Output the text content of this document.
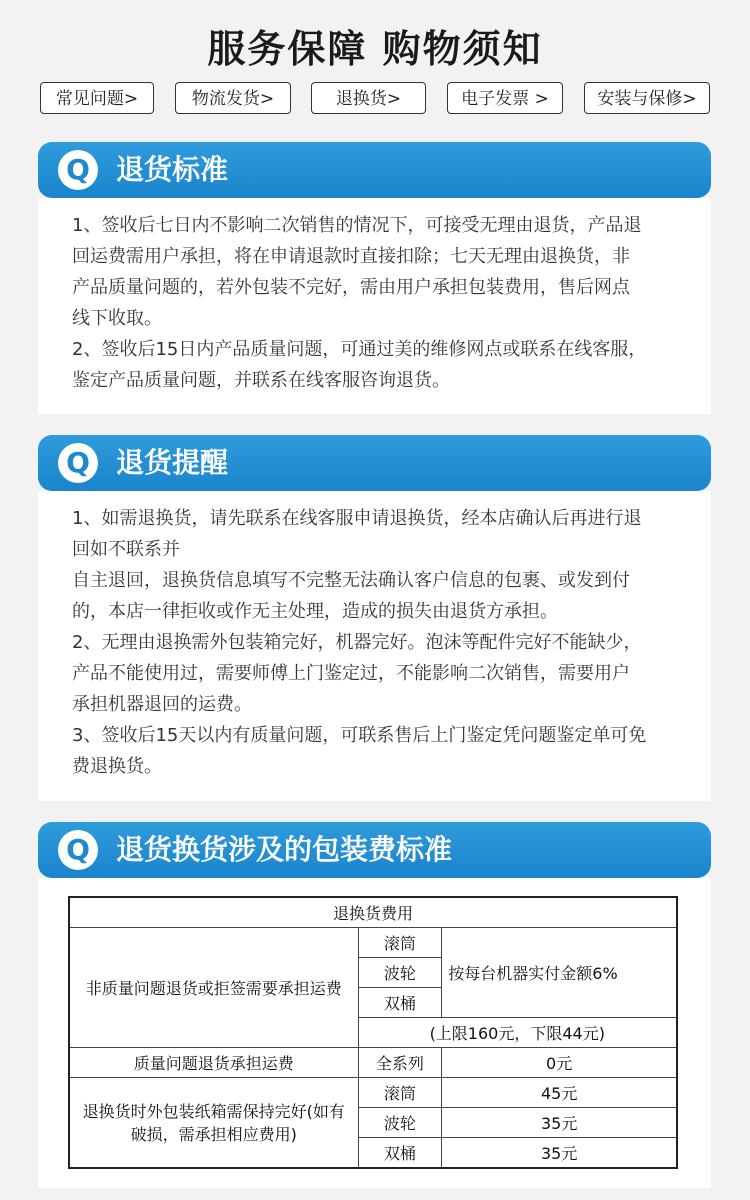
服务保障 购物须知
常见问题>	物流发货>	退换货>	电子发票 >	安装与保修>

1、签收后七日内不影响二次销售的情况下，可接受无理由退货，产品退

回运费需用户承担，将在申请退款时直接扣除；七天无理由退换货，非

产品质量问题的，若外包装不完好，需由用户承担包装费用，售后网点

线下收取。

2、签收后15日内产品质量问题，可通过美的维修网点或联系在线客服，

鉴定产品质量问题，并联系在线客服咨询退货。

Q 退货标准

1、如需退换货，请先联系在线客服申请退换货，经本店确认后再进行退

回如不联系并

自主退回，退换货信息填写不完整无法确认客户信息的包裹、或发到付

的，本店一律拒收或作无主处理，造成的损失由退货方承担。

2、无理由退换需外包装箱完好，机器完好。泡沫等配件完好不能缺少，

产品不能使用过，需要师傅上门鉴定过，不能影响二次销售，需要用户

承担机器退回的运费。

3、签收后15天以内有质量问题，可联系售后上门鉴定凭问题鉴定单可免

费退换货。

Q 退货提醒
退换货费用		
非质量问题退货或拒签需要承担运费	滚筒	按每台机器实付金额6%
	波轮	
	双桶	
	(上限160元，下限44元)	
质量问题退货承担运费	全系列	0元
退换货时外包装纸箱需保持完好(如有破损，需承担相应费用)	滚筒	45元
	波轮	35元
	双桶	35元
Q 退货换货涉及的包装费标准
